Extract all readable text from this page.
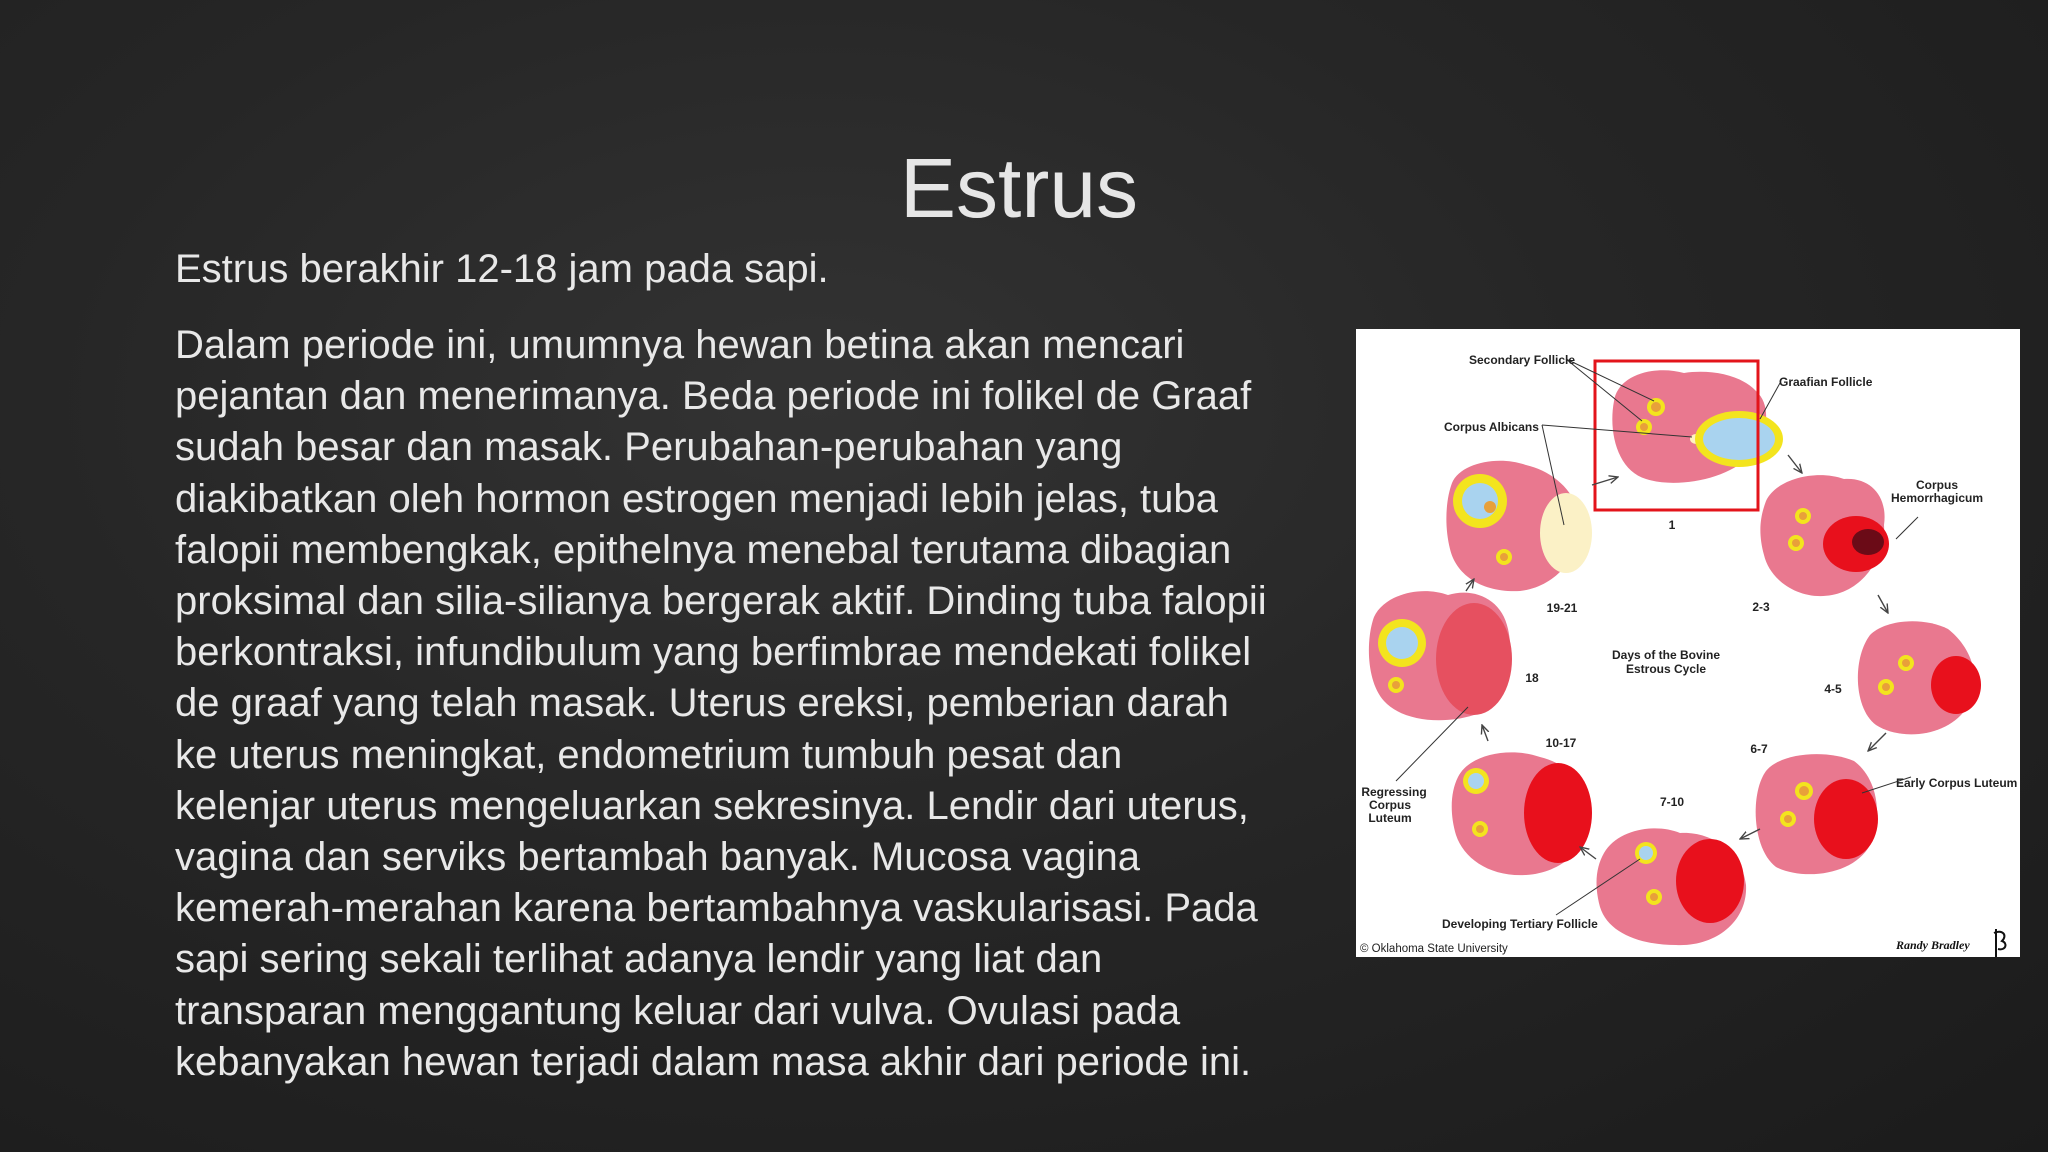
Estrus
Estrus berakhir 12-18 jam pada sapi.

Dalam periode ini, umumnya hewan betina akan mencari
pejantan dan menerimanya. Beda periode ini folikel de Graaf
sudah besar dan masak. Perubahan-perubahan yang
diakibatkan oleh hormon estrogen menjadi lebih jelas, tuba
falopii membengkak, epithelnya menebal terutama dibagian
proksimal dan silia-silianya bergerak aktif. Dinding tuba falopii
berkontraksi, infundibulum yang berfimbrae mendekati folikel
de graaf yang telah masak. Uterus ereksi, pemberian darah
ke uterus meningkat, endometrium tumbuh pesat dan
kelenjar uterus mengeluarkan sekresinya. Lendir dari uterus,
vagina dan serviks bertambah banyak. Mucosa vagina
kemerah-merahan karena bertambahnya vaskularisasi. Pada
sapi sering sekali terlihat adanya lendir yang liat dan
transparan menggantung keluar dari vulva. Ovulasi pada
kebanyakan hewan terjadi dalam masa akhir dari periode ini.

Secondary Follicle
Graafian Follicle
Corpus Albicans
Corpus
Hemorrhagicum
Early Corpus Luteum
Regressing
Corpus
Luteum
Developing Tertiary Follicle
Days of the Bovine
Estrous Cycle
1
2-3
4-5
6-7
7-10
10-17
18
19-21
© Oklahoma State University	Randy Bradley
